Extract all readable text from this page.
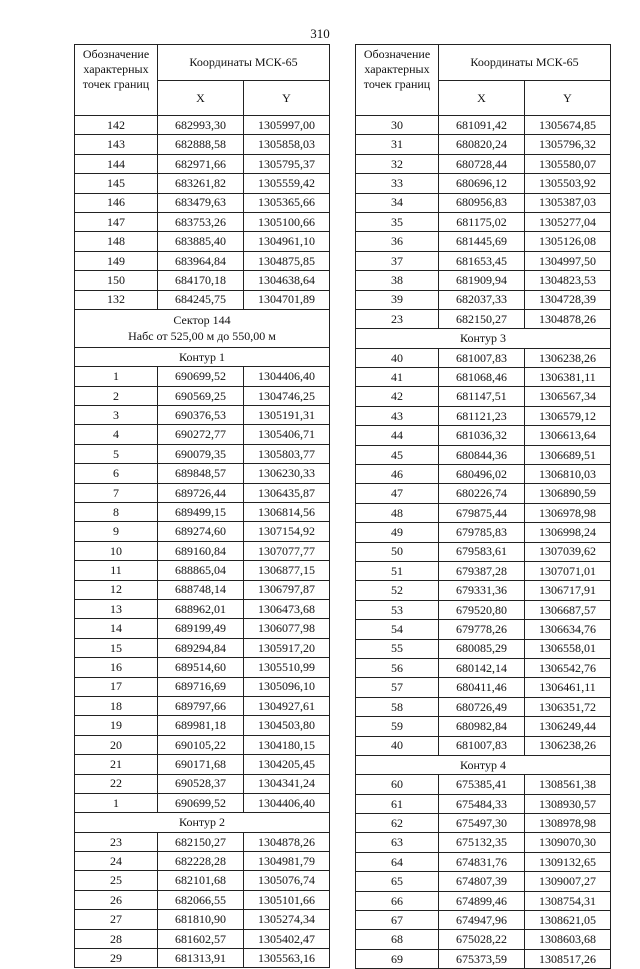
310
Обозначение характерных точек границ	Координаты МСК-65	
	X	Y
142	682993,30	1305997,00
143	682888,58	1305858,03
144	682971,66	1305795,37
145	683261,82	1305559,42
146	683479,63	1305365,66
147	683753,26	1305100,66
148	683885,40	1304961,10
149	683964,84	1304875,85
150	684170,18	1304638,64
132	684245,75	1304701,89

Сектор 144
Набс от 525,00 м до 550,00 м		

Контур 1		
1	690699,52	1304406,40
2	690569,25	1304746,25
3	690376,53	1305191,31
4	690272,77	1305406,71
5	690079,35	1305803,77
6	689848,57	1306230,33
7	689726,44	1306435,87
8	689499,15	1306814,56
9	689274,60	1307154,92
10	689160,84	1307077,77
11	688865,04	1306877,15
12	688748,14	1306797,87
13	688962,01	1306473,68
14	689199,49	1306077,98
15	689294,84	1305917,20
16	689514,60	1305510,99
17	689716,69	1305096,10
18	689797,66	1304927,61
19	689981,18	1304503,80
20	690105,22	1304180,15
21	690171,68	1304205,45
22	690528,37	1304341,24
1	690699,52	1304406,40
Контур 2		
23	682150,27	1304878,26
24	682228,28	1304981,79
25	682101,68	1305076,74
26	682066,55	1305101,66
27	681810,90	1305274,34
28	681602,57	1305402,47
29	681313,91	1305563,16
Обозначение характерных точек границ	Координаты МСК-65	
	X	Y
30	681091,42	1305674,85
31	680820,24	1305796,32
32	680728,44	1305580,07
33	680696,12	1305503,92
34	680956,83	1305387,03
35	681175,02	1305277,04
36	681445,69	1305126,08
37	681653,45	1304997,50
38	681909,94	1304823,53
39	682037,33	1304728,39
23	682150,27	1304878,26
Контур 3		
40	681007,83	1306238,26
41	681068,46	1306381,11
42	681147,51	1306567,34
43	681121,23	1306579,12
44	681036,32	1306613,64
45	680844,36	1306689,51
46	680496,02	1306810,03
47	680226,74	1306890,59
48	679875,44	1306978,98
49	679785,83	1306998,24
50	679583,61	1307039,62
51	679387,28	1307071,01
52	679331,36	1306717,91
53	679520,80	1306687,57
54	679778,26	1306634,76
55	680085,29	1306558,01
56	680142,14	1306542,76
57	680411,46	1306461,11
58	680726,49	1306351,72
59	680982,84	1306249,44
40	681007,83	1306238,26
Контур 4		
60	675385,41	1308561,38
61	675484,33	1308930,57
62	675497,30	1308978,98
63	675132,35	1309070,30
64	674831,76	1309132,65
65	674807,39	1309007,27
66	674899,46	1308754,31
67	674947,96	1308621,05
68	675028,22	1308603,68
69	675373,59	1308517,26
